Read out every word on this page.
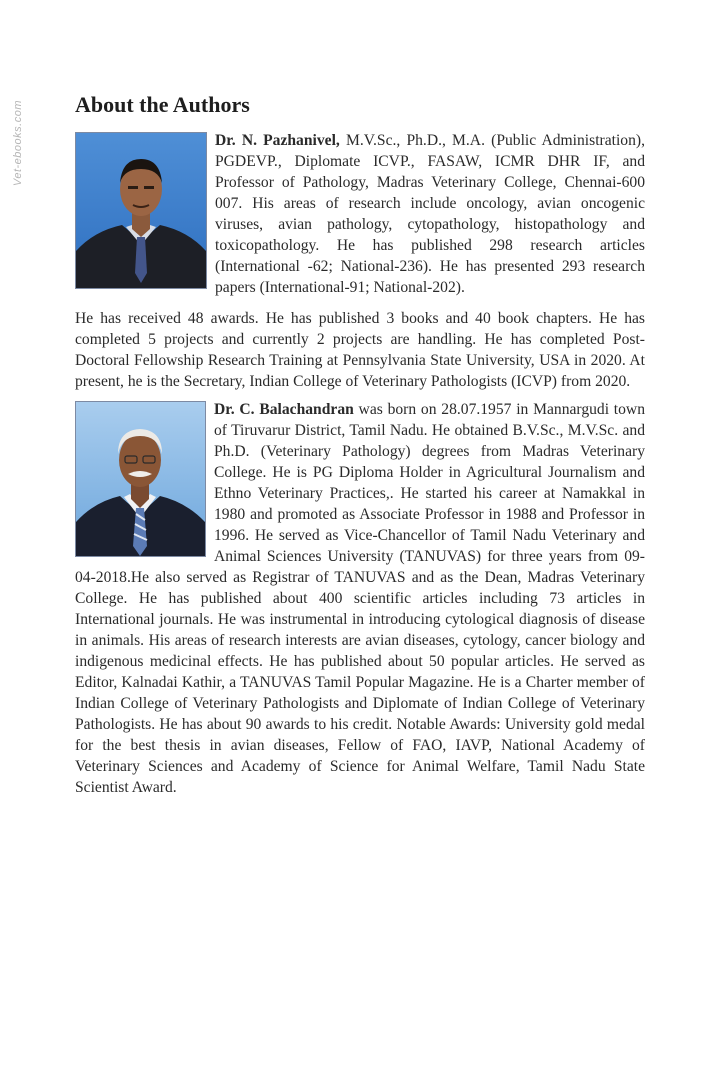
Vet-ebooks.com About the Authors

Dr. N. Pazhanivel, M.V.Sc., Ph.D., M.A. (Public Administration), PGDEVP., Diplomate ICVP., FASAW, ICMR DHR IF, and Professor of Pathology, Madras Veterinary College, Chennai-600 007. His areas of research include oncology, avian oncogenic viruses, avian pathology, cytopathology, histopathology and toxicopathology. He has published 298 research articles (International -62; National-236). He has presented 293 research papers (International-91; National-202).

He has received 48 awards. He has published 3 books and 40 book chapters. He has completed 5 projects and currently 2 projects are handling. He has completed Post- Doctoral Fellowship Research Training at Pennsylvania State University, USA in 2020. At present, he is the Secretary, Indian College of Veterinary Pathologists (ICVP) from 2020.

Dr. C. Balachandran was born on 28.07.1957 in Mannargudi town of Tiruvarur District, Tamil Nadu. He obtained B.V.Sc., M.V.Sc. and Ph.D. (Veterinary Pathology) degrees from Madras Veterinary College. He is PG Diploma Holder in Agricultural Journalism and Ethno Veterinary Practices,. He started his career at Namakkal in 1980 and promoted as Associate Professor in 1988 and Professor in 1996. He served as Vice-Chancellor of Tamil Nadu Veterinary and Animal Sciences University (TANUVAS) for three years from 09-04-2018.He also served as Registrar of TANUVAS and as the Dean, Madras Veterinary College. He has published about 400 scientific articles including 73 articles in International journals. He was instrumental in introducing cytological diagnosis of disease in animals. His areas of research interests are avian diseases, cytology, cancer biology and indigenous medicinal effects. He has published about 50 popular articles. He served as Editor, Kalnadai Kathir, a TANUVAS Tamil Popular Magazine. He is a Charter member of Indian College of Veterinary Pathologists and Diplomate of Indian College of Veterinary Pathologists. He has about 90 awards to his credit. Notable Awards: University gold medal for the best thesis in avian diseases, Fellow of FAO, IAVP, National Academy of Veterinary Sciences and Academy of Science for Animal Welfare, Tamil Nadu State Scientist Award.
